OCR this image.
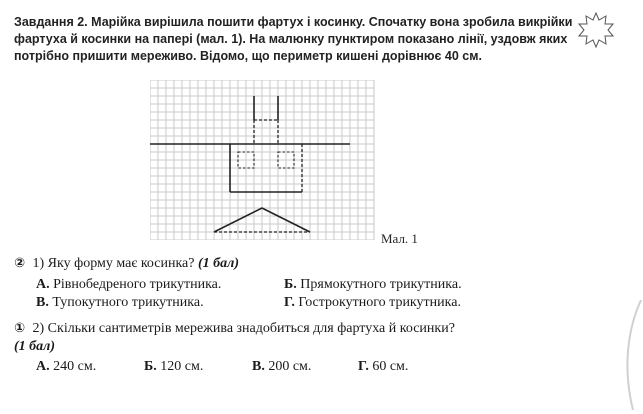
Завдання 2. Марійка вирішила пошити фартух і косинку. Спочатку вона зробила викрійки фартуха й косинки на папері (мал. 1). На малюнку пунктиром показано лінії, уздовж яких потрібно пришити мереживо. Відомо, що периметр кишені дорівнює 40 см.
Мал. 1
② 1) Яку форму має косинка? (1 бал)
А. Рівнобедреного трикутника.	Б. Прямокутного трикутника.
В. Тупокутного трикутника.	Г. Гострокутного трикутника.
① 2) Скільки сантиметрів мережива знадобиться для фартуха й косинки?
(1 бал)
А. 240 см.	Б. 120 см.	В. 200 см.	Г. 60 см.
